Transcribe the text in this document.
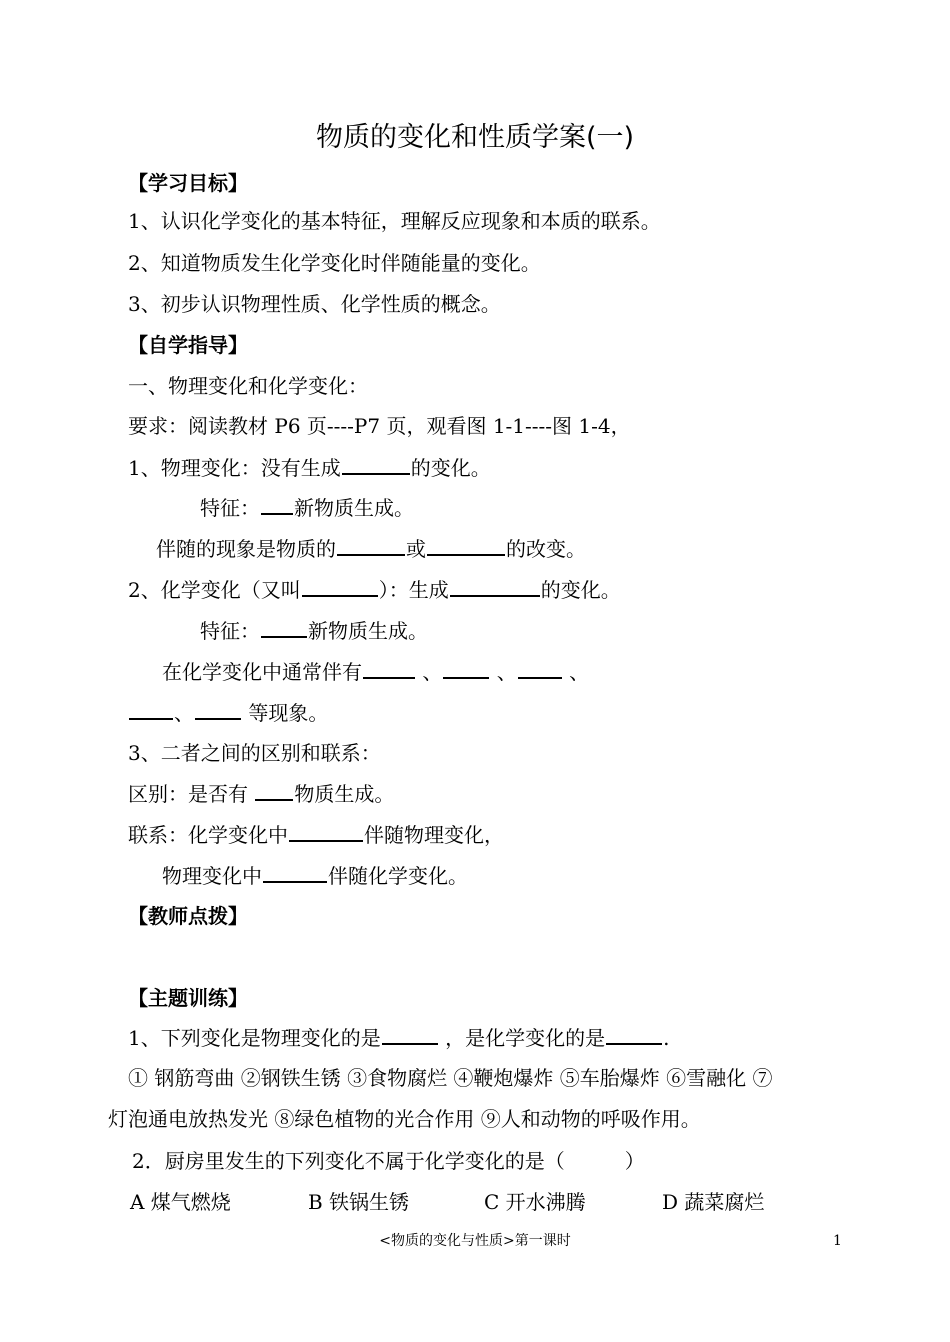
物质的变化和性质学案(一)
【学习目标】
1、认识化学变化的基本特征，理解反应现象和本质的联系。
2、知道物质发生化学变化时伴随能量的变化。
3、初步认识物理性质、化学性质的概念。
【自学指导】
一、物理变化和化学变化：
要求：阅读教材 P6 页----P7 页，观看图 1-1----图 1-4，
1、物理变化：没有生成	的变化。
特征： 新物质生成。
伴随的现象是物质的	或	的改变。
2、化学变化（又叫	）：生成	的变化。
特征： 新物质生成。
在化学变化中通常伴有	、	、	、
、	等现象。
3、二者之间的区别和联系：
区别：是否有 物质生成。
联系：化学变化中	伴随物理变化，
物理变化中	伴随化学变化。
【教师点拨】
【主题训练】
1、下列变化是物理变化的是	，是化学变化的是	.
① 钢筋弯曲 ②钢铁生锈 ③食物腐烂 ④鞭炮爆炸 ⑤车胎爆炸 ⑥雪融化 ⑦
灯泡通电放热发光 ⑧绿色植物的光合作用 ⑨人和动物的呼吸作用。
2．厨房里发生的下列变化不属于化学变化的是（　　　）
A 煤气燃烧	B 铁锅生锈	C 开水沸腾	D 蔬菜腐烂
<物质的变化与性质>第一课时	1
